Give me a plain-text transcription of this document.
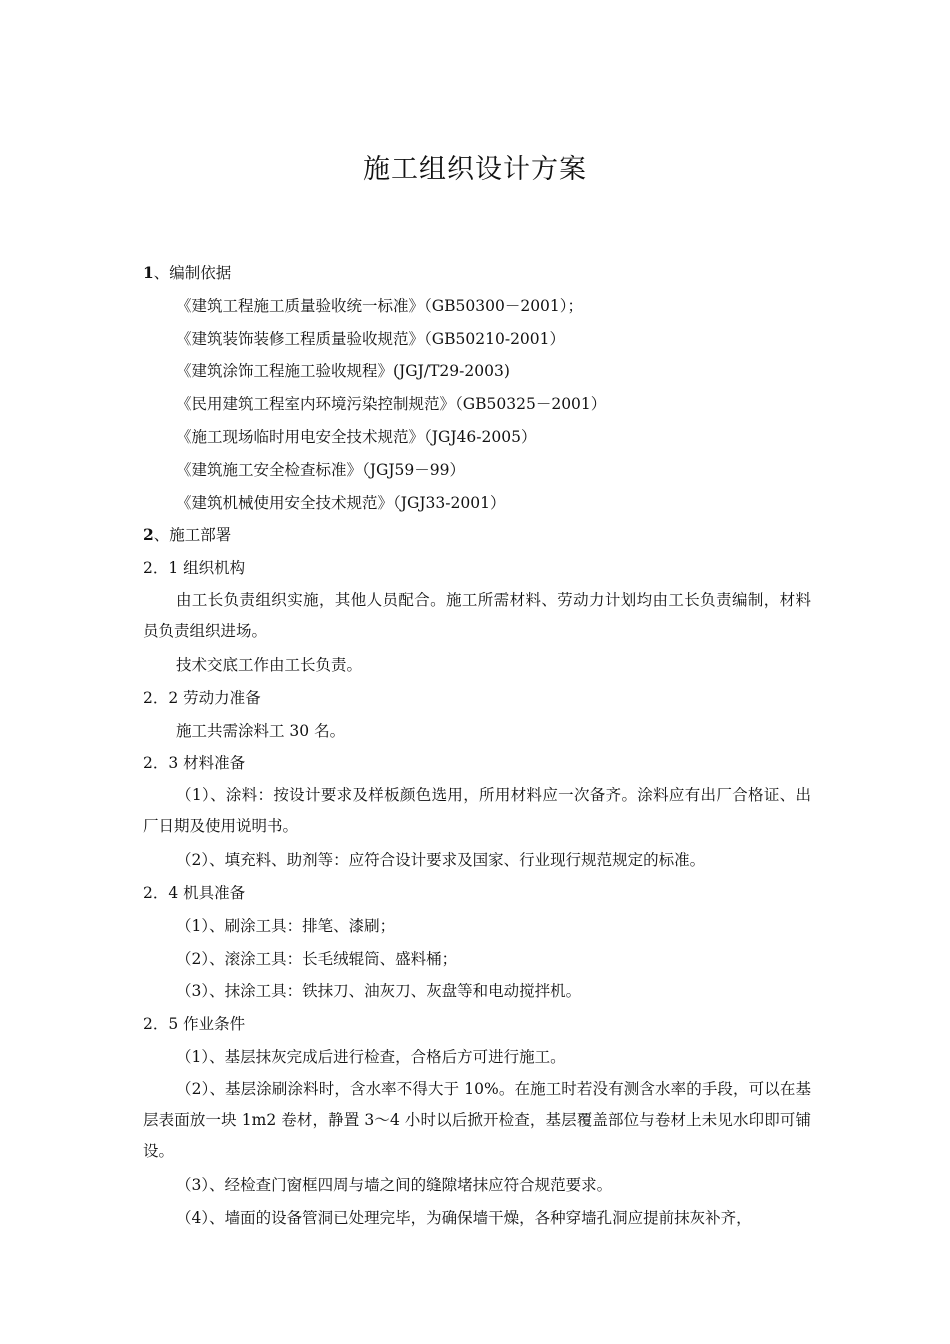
施工组织设计方案

1、编制依据

《建筑工程施工质量验收统一标准》（GB50300－2001）；

《建筑装饰装修工程质量验收规范》（GB50210-2001）

《建筑涂饰工程施工验收规程》(JGJ/T29-2003)

《民用建筑工程室内环境污染控制规范》（GB50325－2001）

《施工现场临时用电安全技术规范》（JGJ46-2005）

《建筑施工安全检查标准》（JGJ59－99）

《建筑机械使用安全技术规范》（JGJ33-2001）

2、施工部署

2．1 组织机构

由工长负责组织实施，其他人员配合。施工所需材料、劳动力计划均由工长负责编制，材料员负责组织进场。

技术交底工作由工长负责。

2．2 劳动力准备

施工共需涂料工 30 名。

2．3 材料准备

（1）、涂料：按设计要求及样板颜色选用，所用材料应一次备齐。涂料应有出厂合格证、出厂日期及使用说明书。

（2）、填充料、助剂等：应符合设计要求及国家、行业现行规范规定的标准。

2．4 机具准备

（1）、刷涂工具：排笔、漆刷；

（2）、滚涂工具：长毛绒辊筒、盛料桶；

（3）、抹涂工具：铁抹刀、油灰刀、灰盘等和电动搅拌机。

2．5 作业条件

（1）、基层抹灰完成后进行检查，合格后方可进行施工。

（2）、基层涂刷涂料时，含水率不得大于 10%。在施工时若没有测含水率的手段，可以在基层表面放一块 1m2 卷材，静置 3～4 小时以后掀开检查，基层覆盖部位与卷材上未见水印即可铺设。

（3）、经检查门窗框四周与墙之间的缝隙堵抹应符合规范要求。

（4）、墙面的设备管洞已处理完毕，为确保墙干燥，各种穿墙孔洞应提前抹灰补齐，
